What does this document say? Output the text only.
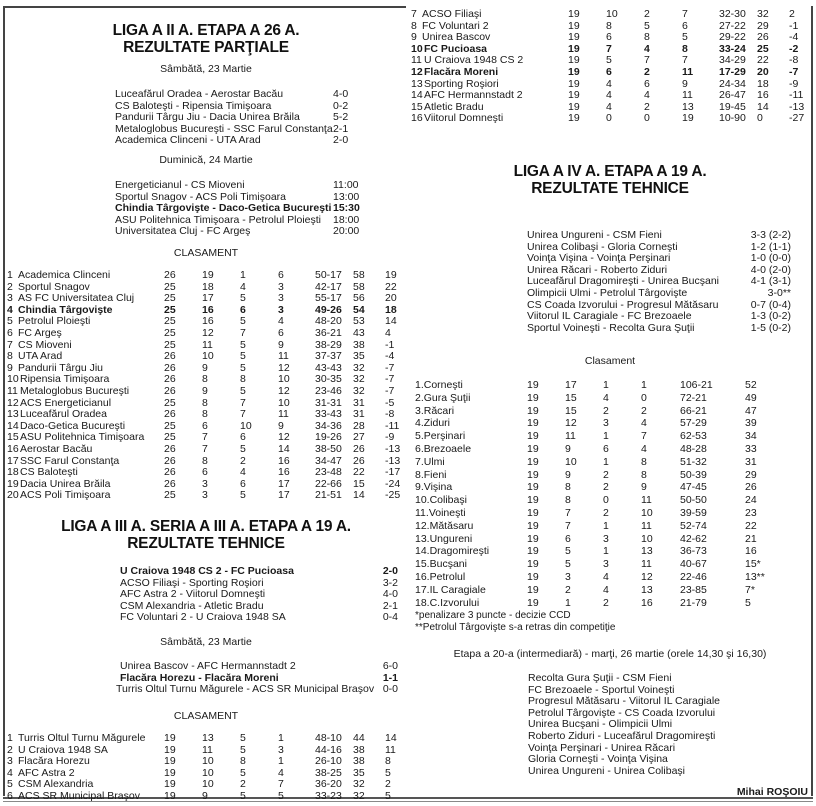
LIGA A II A. ETAPA A 26 A.
REZULTATE PARŢIALE
Sâmbătă, 23 Martie
Luceafărul Oradea - Aerostar Bacău	4-0
CS Baloteşti - Ripensia Timişoara	0-2
Pandurii Târgu Jiu - Dacia Unirea Brăila	5-2
Metaloglobus Bucureşti - SSC Farul Constanţa 2-1
Academica Clinceni - UTA Arad	2-0
Duminică, 24 Martie
Energeticianul - CS Mioveni	11:00
Sportul Snagov - ACS Poli Timişoara	13:00
Chindia Târgovişte - Daco-Getica Bucureşti 15:30
ASU Politehnica Timişoara - Petrolul Ploieşti 18:00
Universitatea Cluj - FC Argeş	20:00
CLASAMENT
1 Academica Clinceni	26	19	1	6	50-17 58 19
2 Sportul Snagov	25	18	4	3	42-17 58 22
3 AS FC Universitatea Cluj	25	17	5	3	55-17 56 20
4 Chindia Târgovişte	25	16	6	3	49-26 54 18
5 Petrolul Ploieşti	25	16	5	4	48-20 53 14
6 FC Argeş	25	12	7	6	36-21 43 4
7 CS Mioveni	25	11	5	9	38-29 38 -1
8 UTA Arad	26	10	5	11 37-37 35 -4
9 Pandurii Târgu Jiu	26	9	5	12 43-43 32 -7
10 Ripensia Timişoara	26	8	8	10 30-35 32 -7
11 Metaloglobus Bucureşti	26	9	5	12 23-46 32 -7
12 ACS Energeticianul	25	8	7	10 31-31 31 -5
13 Luceafărul Oradea	26	8	7	11 33-43 31 -8
14 Daco-Getica Bucureşti	25	6	10	9	34-36 28 -11
15 ASU Politehnica Timişoara 25	7	6	12 19-26 27 -9
16 Aerostar Bacău	26	7	5	14 38-50 26 -13
17 SSC Farul Constanţa	26	8	2	16 34-47 26 -13
18 CS Baloteşti	26	6	4	16 23-48 22 -17
19 Dacia Unirea Brăila	26	3	6	17 22-66 15 -24
20 ACS Poli Timişoara	25	3	5	17 21-51 14 -25
LIGA A III A. SERIA A III A. ETAPA A 19 A.
REZULTATE TEHNICE
U Craiova 1948 CS 2 - FC Pucioasa	2-0
ACSO Filiaşi - Sporting Roşiori	3-2
AFC Astra 2 - Viitorul Domneşti	4-0
CSM Alexandria - Atletic Bradu	2-1
FC Voluntari 2 - U Craiova 1948 SA	0-4
Sâmbătă, 23 Martie
Unirea Bascov - AFC Hermannstadt 2	6-0
Flacăra Horezu - Flacăra Moreni	1-1
Turris Oltul Turnu Măgurele - ACS SR Municipal Braşov 0-0
CLASAMENT
1 Turris Oltul Turnu Măgurele 19	13	5	1	48-10 44 14
2 U Craiova 1948 SA	19	11	5	3	44-16 38 11
3 Flacăra Horezu	19	10	8	1	26-10 38 8
4 AFC Astra 2	19	10	5	4	38-25 35 5
5 CSM Alexandria	19	10	2	7	36-20 32 2
6 ACS SR Municipal Braşov 19	9	5	5	33-23 32 5
7 ACSO Filiaşi	19	10	2	7	32-30 32 2
8 FC Voluntari 2	19	8	5	6	27-22 29 -1
9 Unirea Bascov	19	6	8	5	29-22 26 -4
10 FC Pucioasa	19	7	4	8	33-24 25 -2
11 U Craiova 1948 CS 2	19	5	7	7	34-29 22 -8
12 Flacăra Moreni	19	6	2	11 17-29 20 -7
13 Sporting Roşiori	19	4	6	9	24-34 18 -9
14 AFC Hermannstadt 2	19	4	4	11 26-47 16 -11
15 Atletic Bradu	19	4	2	13 19-45 14 -13
16 Viitorul Domneşti	19	0	0	19 10-90 0 -27
LIGA A IV A. ETAPA A 19 A.
REZULTATE TEHNICE
Unirea Ungureni - CSM Fieni	3-3 (2-2)
Unirea Colibaşi - Gloria Corneşti	1-2 (1-1)
Voinţa Vişina - Voinţa Perşinari	1-0 (0-0)
Unirea Răcari - Roberto Ziduri	4-0 (2-0)
Luceafărul Dragomireşti - Unirea Bucşani	4-1 (3-1)
Olimpicii Ulmi - Petrolul Târgovişte	3-0**
CS Coada Izvorului - Progresul Mătăsaru	0-7 (0-4)
Viitorul IL Caragiale - FC Brezoaele	1-3 (0-2)
Sportul Voineşti - Recolta Gura Şuţii	1-5 (0-2)
Clasament
1.Corneşti	19	17	1	1	106-21	52
2.Gura Şuţii	19	15	4	0	72-21	49
3.Răcari	19	15	2	2	66-21	47
4.Ziduri	19	12	3	4	57-29	39
5.Perşinari	19	11	1	7	62-53	34
6.Brezoaele	19	9	6	4	48-28	33
7.Ulmi	19	10	1	8	51-32	31
8.Fieni	19	9	2	8	50-39	29
9.Vişina	19	8	2	9	47-45	26
10.Colibaşi	19	8	0	11	50-50	24
11.Voineşti	19	7	2	10	39-59	23
12.Mătăsaru	19	7	1	11	52-74	22
13.Ungureni	19	6	3	10	42-62	21
14.Dragomireşti	19	5	1	13	36-73	16
15.Bucşani	19	5	3	11	40-67	15*
16.Petrolul	19	3	4	12	22-46	13**
17.IL Caragiale	19	2	4	13	23-85	7*
18.C.Izvorului	19	1	2	16	21-79	5
*penalizare 3 puncte - decizie CCD
**Petrolul Târgovişte s-a retras din competiţie
Etapa a 20-a (intermediară) - marţi, 26 martie (orele 14,30 şi 16,30)
Recolta Gura Şuţii - CSM Fieni
FC Brezoaele - Sportul Voineşti
Progresul Mătăsaru - Viitorul IL Caragiale
Petrolul Târgovişte - CS Coada Izvorului
Unirea Bucşani - Olimpicii Ulmi
Roberto Ziduri - Luceafărul Dragomireşti
Voinţa Perşinari - Unirea Răcari
Gloria Corneşti - Voinţa Vişina
Unirea Ungureni - Unirea Colibaşi
Mihai ROŞOIU
